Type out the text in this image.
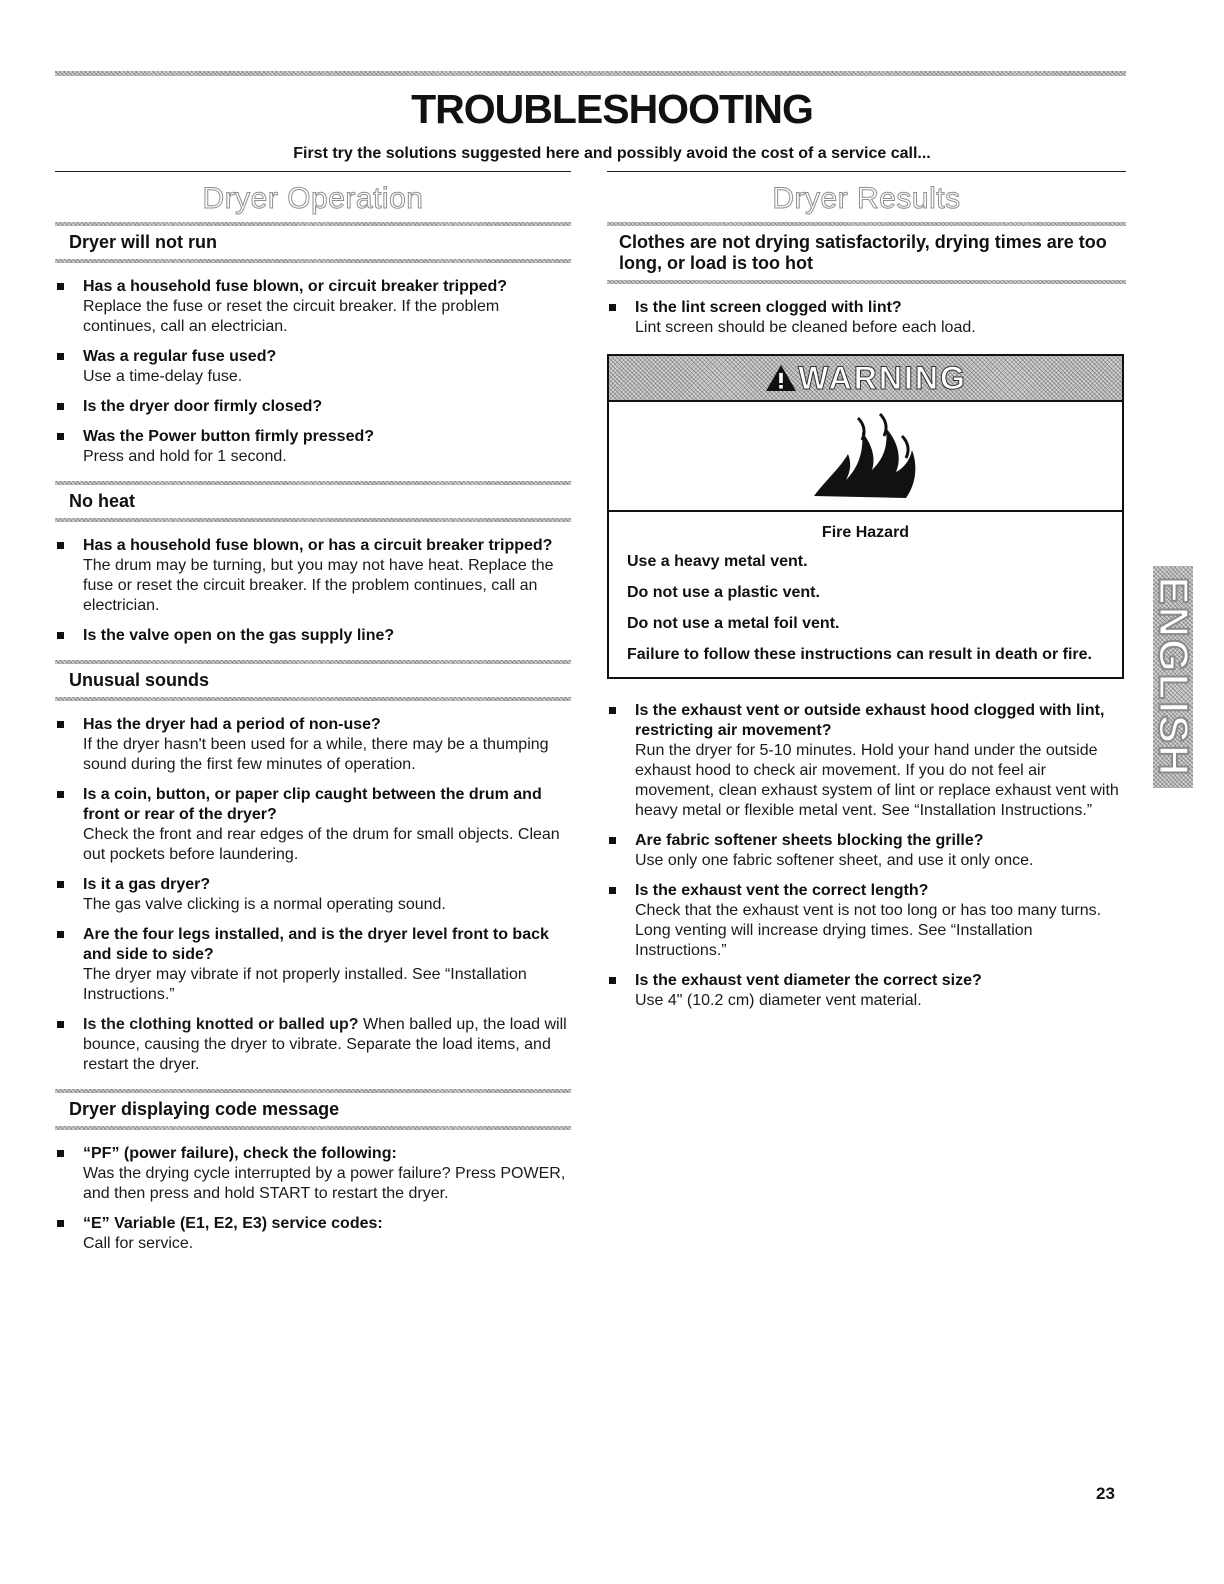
TROUBLESHOOTING

First try the solutions suggested here and possibly avoid the cost of a service call...

Dryer Operation
Dryer will not run
Has a household fuse blown, or circuit breaker tripped?
Replace the fuse or reset the circuit breaker. If the problem continues, call an electrician.
Was a regular fuse used?
Use a time-delay fuse.
Is the dryer door firmly closed?
Was the Power button firmly pressed?
Press and hold for 1 second.
No heat
Has a household fuse blown, or has a circuit breaker tripped?
The drum may be turning, but you may not have heat. Replace the fuse or reset the circuit breaker. If the problem continues, call an electrician.
Is the valve open on the gas supply line?
Unusual sounds
Has the dryer had a period of non-use?
If the dryer hasn't been used for a while, there may be a thumping sound during the first few minutes of operation.
Is a coin, button, or paper clip caught between the drum and front or rear of the dryer?
Check the front and rear edges of the drum for small objects. Clean out pockets before laundering.
Is it a gas dryer?
The gas valve clicking is a normal operating sound.
Are the four legs installed, and is the dryer level front to back and side to side?
The dryer may vibrate if not properly installed. See “Installation Instructions.”
Is the clothing knotted or balled up? When balled up, the load will bounce, causing the dryer to vibrate. Separate the load items, and restart the dryer.
Dryer displaying code message
“PF” (power failure), check the following:
Was the drying cycle interrupted by a power failure? Press POWER, and then press and hold START to restart the dryer.
“E” Variable (E1, E2, E3) service codes:
Call for service.
Dryer Results
Clothes are not drying satisfactorily, drying times are too long, or load is too hot
Is the lint screen clogged with lint?
Lint screen should be cleaned before each load.
WARNING

Fire Hazard

Use a heavy metal vent.

Do not use a plastic vent.

Do not use a metal foil vent.

Failure to follow these instructions can result in death or fire.

Is the exhaust vent or outside exhaust hood clogged with lint, restricting air movement?
Run the dryer for 5-10 minutes. Hold your hand under the outside exhaust hood to check air movement. If you do not feel air movement, clean exhaust system of lint or replace exhaust vent with heavy metal or flexible metal vent. See “Installation Instructions.”
Are fabric softener sheets blocking the grille?
Use only one fabric softener sheet, and use it only once.
Is the exhaust vent the correct length?
Check that the exhaust vent is not too long or has too many turns. Long venting will increase drying times. See “Installation Instructions.”
Is the exhaust vent diameter the correct size?
Use 4" (10.2 cm) diameter vent material.
ENGLISH
23
